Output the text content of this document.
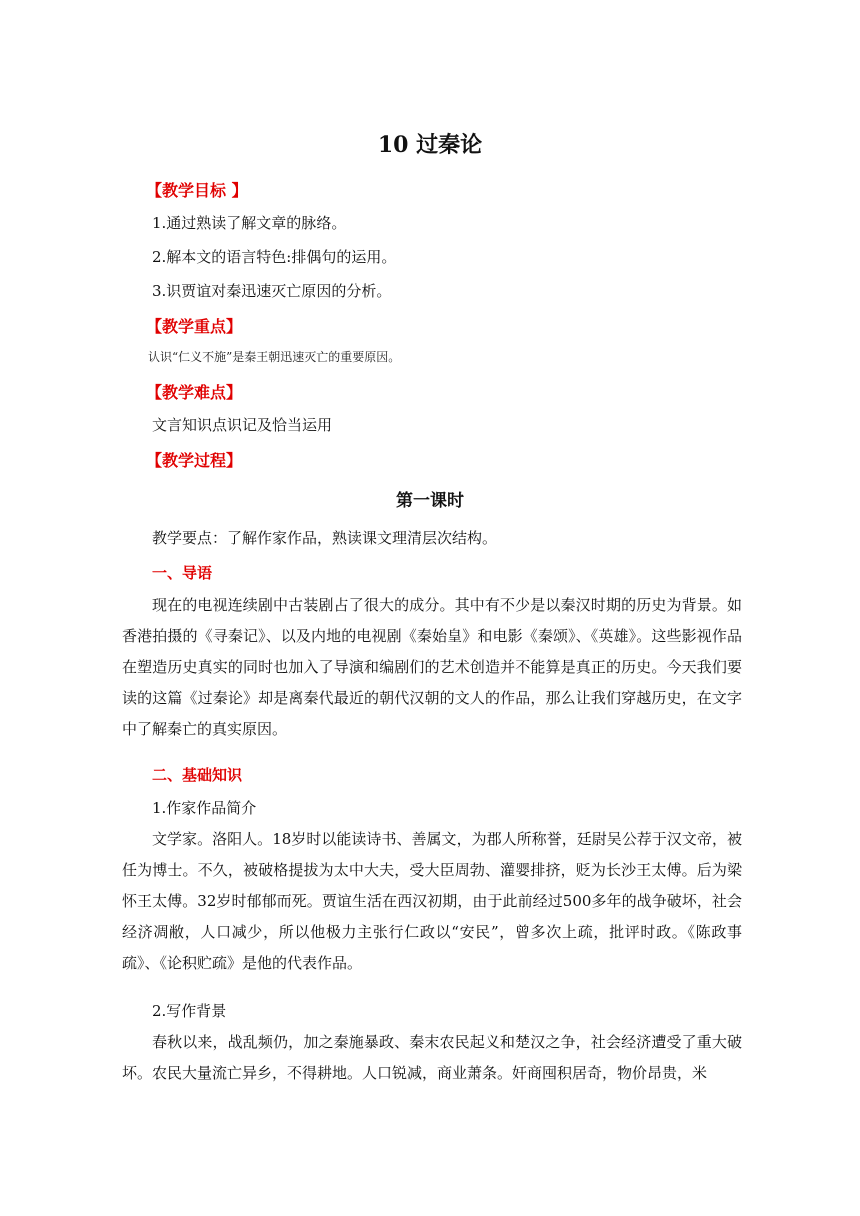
10 过秦论
【教学目标 】
1.通过熟读了解文章的脉络。
2.解本文的语言特色:排偶句的运用。
3.识贾谊对秦迅速灭亡原因的分析。
【教学重点】
认识“仁义不施”是秦王朝迅速灭亡的重要原因。
【教学难点】
文言知识点识记及恰当运用
【教学过程】
第一课时
教学要点：了解作家作品，熟读课文理清层次结构。
一、导语
现在的电视连续剧中古装剧占了很大的成分。其中有不少是以秦汉时期的历史为背景。如香港拍摄的《寻秦记》、以及内地的电视剧《秦始皇》和电影《秦颂》、《英雄》。这些影视作品在塑造历史真实的同时也加入了导演和编剧们的艺术创造并不能算是真正的历史。今天我们要读的这篇《过秦论》却是离秦代最近的朝代汉朝的文人的作品，那么让我们穿越历史，在文字中了解秦亡的真实原因。
二、基础知识
1.作家作品简介
文学家。洛阳人。18岁时以能读诗书、善属文，为郡人所称誉，廷尉吴公荐于汉文帝，被任为博士。不久，被破格提拔为太中大夫，受大臣周勃、灌婴排挤，贬为长沙王太傅。后为梁怀王太傅。32岁时郁郁而死。贾谊生活在西汉初期，由于此前经过500多年的战争破坏，社会经济凋敝，人口减少，所以他极力主张行仁政以“安民”，曾多次上疏，批评时政。《陈政事疏》、《论积贮疏》是他的代表作品。
2.写作背景
春秋以来，战乱频仍，加之秦施暴政、秦末农民起义和楚汉之争，社会经济遭受了重大破坏。农民大量流亡异乡，不得耕地。人口锐减，商业萧条。奸商囤积居奇，物价昂贵，米
